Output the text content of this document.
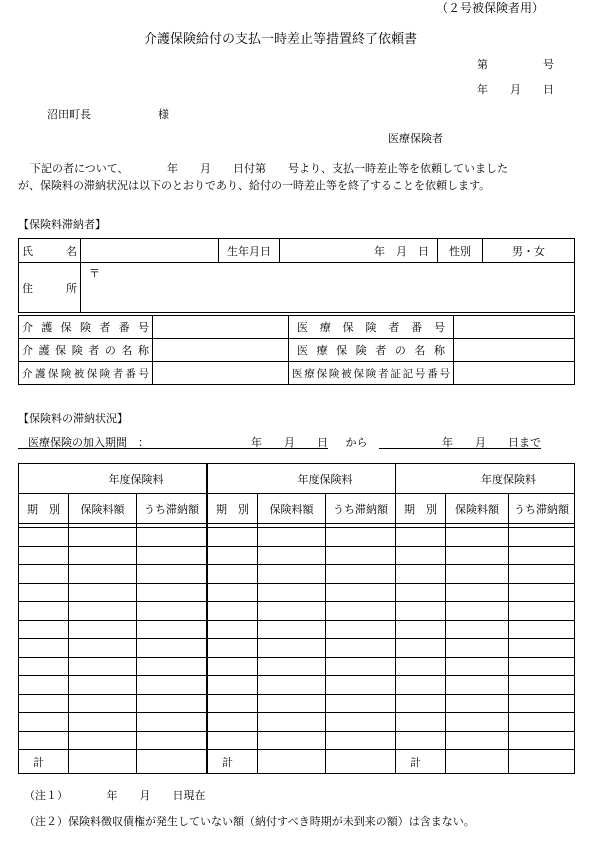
（２号被保険者用）
介護保険給付の支払一時差止等措置終了依頼書
第　　　　　号
年　　月　　日
沼田町長	様
医療保険者
下記の者について、　　　　年　　月　　日付第　　号より、支払一時差止等を依頼していました
が、保険料の滞納状況は以下のとおりであり、給付の一時差止等を終了することを依頼します。
【保険料滞納者】
氏　名		生年月日	年　月　日	性別	男・女
住　所	〒				
介護保険者番号		医療保険者番号	
介護保険者の名称		医療保険者の名称	
介護保険被保険者番号		医療保険被保険者証記号番号	
【保険料の滞納状況】
医療保険の加入期間　：	年　　月　　日 から	年　　月　　日まで
年度保険料		
期　別	保険料額	うち滞納額

計		
年度保険料		
期　別	保険料額	うち滞納額

計		
年度保険料		
期　別	保険料額	うち滞納額

計		
（注１）　　　　年　　月　　日現在
（注２）保険料徴収債権が発生していない額（納付すべき時期が未到来の額）は含まない。
